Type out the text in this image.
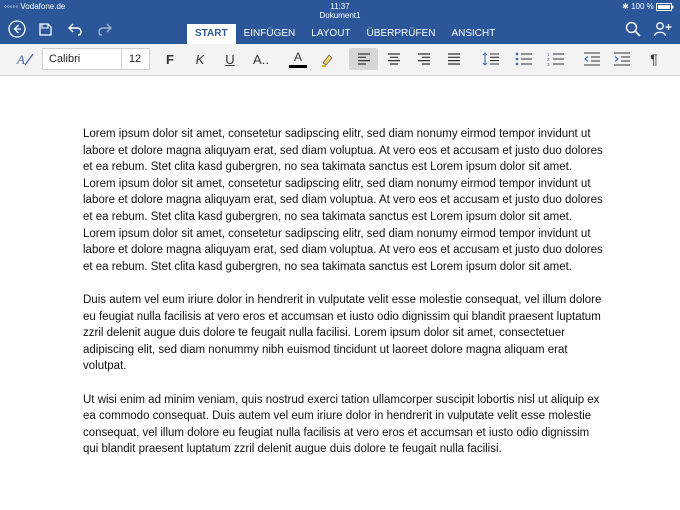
◦◦◦◦◦ Vodafone.de	11:37	✱ 100 %
Dokument1
START	EINFÜGEN	LAYOUT	ÜBERPRÜFEN	ANSICHT
A Calibri	12	F	K	U	A..	A	1
2
3	¶

Lorem ipsum dolor sit amet, consetetur sadipscing elitr, sed diam nonumy eirmod tempor invidunt ut labore et dolore magna aliquyam erat, sed diam voluptua. At vero eos et accusam et justo duo dolores et ea rebum. Stet clita kasd gubergren, no sea takimata sanctus est Lorem ipsum dolor sit amet. Lorem ipsum dolor sit amet, consetetur sadipscing elitr, sed diam nonumy eirmod tempor invidunt ut labore et dolore magna aliquyam erat, sed diam voluptua. At vero eos et accusam et justo duo dolores et ea rebum. Stet clita kasd gubergren, no sea takimata sanctus est Lorem ipsum dolor sit amet. Lorem ipsum dolor sit amet, consetetur sadipscing elitr, sed diam nonumy eirmod tempor invidunt ut labore et dolore magna aliquyam erat, sed diam voluptua. At vero eos et accusam et justo duo dolores et ea rebum. Stet clita kasd gubergren, no sea takimata sanctus est Lorem ipsum dolor sit amet.

Duis autem vel eum iriure dolor in hendrerit in vulputate velit esse molestie consequat, vel illum dolore eu feugiat nulla facilisis at vero eros et accumsan et iusto odio dignissim qui blandit praesent luptatum zzril delenit augue duis dolore te feugait nulla facilisi. Lorem ipsum dolor sit amet, consectetuer adipiscing elit, sed diam nonummy nibh euismod tincidunt ut laoreet dolore magna aliquam erat volutpat.

Ut wisi enim ad minim veniam, quis nostrud exerci tation ullamcorper suscipit lobortis nisl ut aliquip ex ea commodo consequat. Duis autem vel eum iriure dolor in hendrerit in vulputate velit esse molestie consequat, vel illum dolore eu feugiat nulla facilisis at vero eros et accumsan et iusto odio dignissim qui blandit praesent luptatum zzril delenit augue duis dolore te feugait nulla facilisi.
